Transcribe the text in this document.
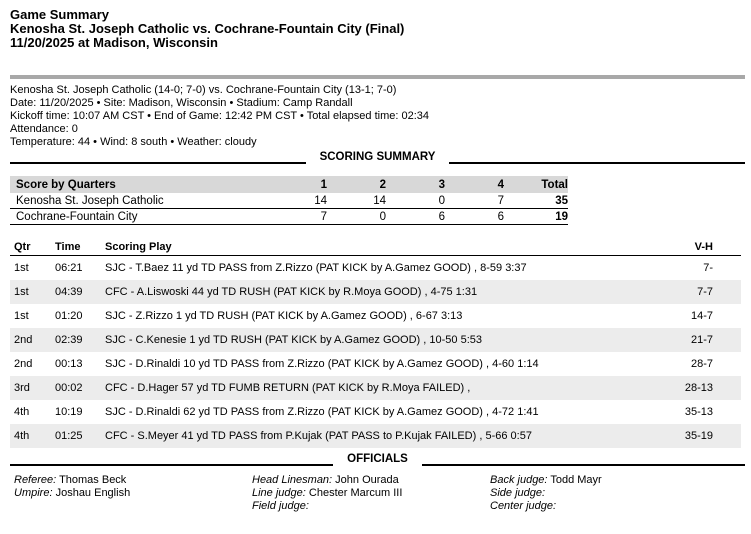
Game Summary
Kenosha St. Joseph Catholic vs. Cochrane-Fountain City (Final)
11/20/2025 at Madison, Wisconsin
Kenosha St. Joseph Catholic (14-0; 7-0) vs. Cochrane-Fountain City (13-1; 7-0)
Date: 11/20/2025 • Site: Madison, Wisconsin • Stadium: Camp Randall
Kickoff time: 10:07 AM CST • End of Game: 12:42 PM CST • Total elapsed time: 02:34
Attendance: 0
Temperature: 44 • Wind: 8 south • Weather: cloudy
SCORING SUMMARY
Score by Quarters	1	2	3	4	Total
Kenosha St. Joseph Catholic	14	14	0	7	35
Cochrane-Fountain City	7	0	6	6	19
Qtr	Time	Scoring Play	V-H
1st	06:21	SJC - T.Baez 11 yd TD PASS from Z.Rizzo (PAT KICK by A.Gamez GOOD) , 8-59 3:37	7-
1st	04:39	CFC - A.Liswoski 44 yd TD RUSH (PAT KICK by R.Moya GOOD) , 4-75 1:31	7-7
1st	01:20	SJC - Z.Rizzo 1 yd TD RUSH (PAT KICK by A.Gamez GOOD) , 6-67 3:13	14-7
2nd	02:39	SJC - C.Kenesie 1 yd TD RUSH (PAT KICK by A.Gamez GOOD) , 10-50 5:53	21-7
2nd	00:13	SJC - D.Rinaldi 10 yd TD PASS from Z.Rizzo (PAT KICK by A.Gamez GOOD) , 4-60 1:14	28-7
3rd	00:02	CFC - D.Hager 57 yd TD FUMB RETURN (PAT KICK by R.Moya FAILED) ,	28-13
4th	10:19	SJC - D.Rinaldi 62 yd TD PASS from Z.Rizzo (PAT KICK by A.Gamez GOOD) , 4-72 1:41	35-13
4th	01:25	CFC - S.Meyer 41 yd TD PASS from P.Kujak (PAT PASS to P.Kujak FAILED) , 5-66 0:57	35-19
OFFICIALS
Referee: Thomas Beck
Umpire: Joshau English
Head Linesman: John Ourada
Line judge: Chester Marcum III
Field judge:
Back judge: Todd Mayr
Side judge:
Center judge:
